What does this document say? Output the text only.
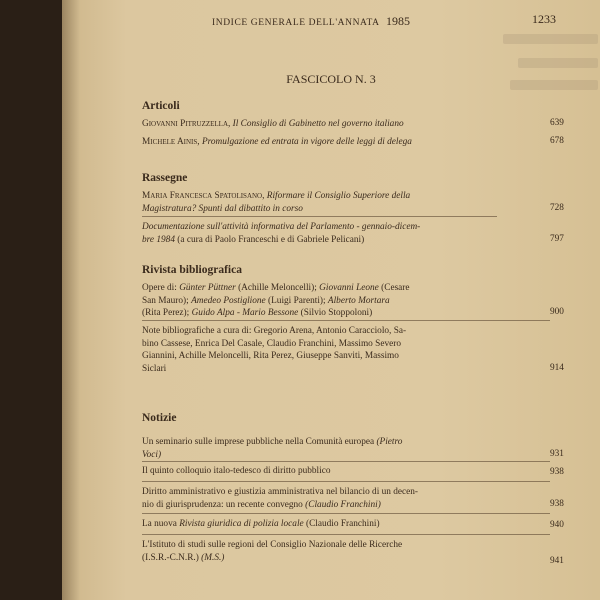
INDICE GENERALE DELL'ANNATA 1985	1233
FASCICOLO N. 3
Articoli
Giovanni Pitruzzella, Il Consiglio di Gabinetto nel governo italiano	639
Michele Ainis, Promulgazione ed entrata in vigore delle leggi di delega	678
Rassegne
Maria Francesca Spatolisano, Riformare il Consiglio Superiore della
Magistratura? Spunti dal dibattito in corso	728
Documentazione sull'attività informativa del Parlamento - gennaio-dicem-
bre 1984 (a cura di Paolo Franceschi e di Gabriele Pelicani)	797
Rivista bibliografica
Opere di: Günter Püttner (Achille Meloncelli); Giovanni Leone (Cesare
San Mauro); Amedeo Postiglione (Luigi Parenti); Alberto Mortara
(Rita Perez); Guido Alpa - Mario Bessone (Silvio Stoppoloni)	900
Note bibliografiche a cura di: Gregorio Arena, Antonio Caracciolo, Sa-
bino Cassese, Enrica Del Casale, Claudio Franchini, Massimo Severo
Giannini, Achille Meloncelli, Rita Perez, Giuseppe Sanviti, Massimo
Siclari	914
Notizie
Un seminario sulle imprese pubbliche nella Comunità europea (Pietro
Voci)	931
Il quinto colloquio italo-tedesco di diritto pubblico	938
Diritto amministrativo e giustizia amministrativa nel bilancio di un decen-
nio di giurisprudenza: un recente convegno (Claudio Franchini)	938
La nuova Rivista giuridica di polizia locale (Claudio Franchini)	940
L'Istituto di studi sulle regioni del Consiglio Nazionale delle Ricerche
(I.S.R.-C.N.R.) (M.S.)	941
